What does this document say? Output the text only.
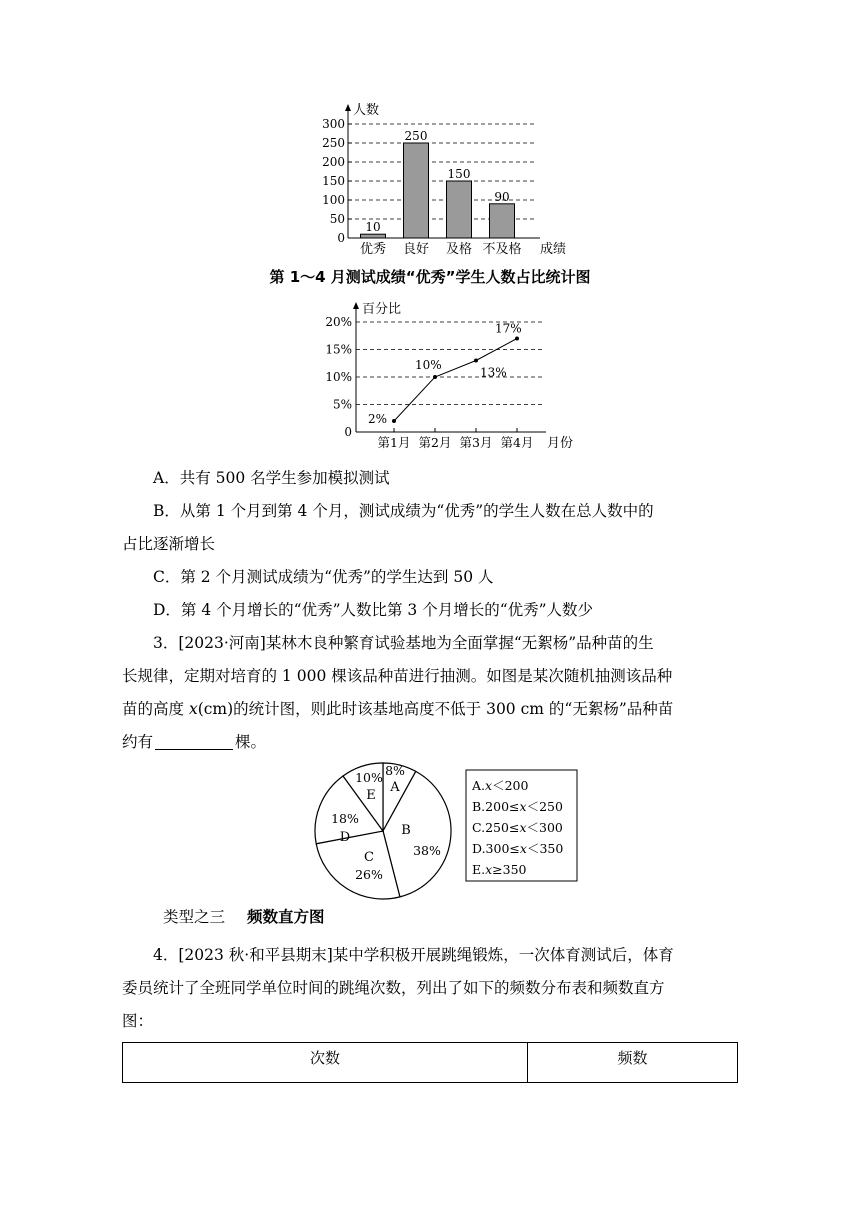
0
50
100
150
200
250
300
人数
成绩
10
优秀
250
良好
150
及格
90
不及格
第 1～4 月测试成绩“优秀”学生人数占比统计图
0
5%
10%
15%
20%
百分比
月份
2%
第1月
10%
第2月
13%
第3月
17%
第4月
A．共有 500 名学生参加模拟测试
B．从第 1 个月到第 4 个月，测试成绩为“优秀”的学生人数在总人数中的
占比逐渐增长
C．第 2 个月测试成绩为“优秀”的学生达到 50 人
D．第 4 个月增长的“优秀”人数比第 3 个月增长的“优秀”人数少
3．[2023·河南]某林木良种繁育试验基地为全面掌握“无絮杨”品种苗的生
长规律，定期对培育的 1 000 棵该品种苗进行抽测。如图是某次随机抽测该品种
苗的高度 x(cm)的统计图，则此时该基地高度不低于 300 cm 的“无絮杨”品种苗
约有	棵。
A
8%
B
38%
C
26%
D
18%
E
10%
A.x＜200
B.200≤x＜250
C.250≤x＜300
D.300≤x＜350
E.x≥350
类型之三 频数直方图
4．[2023 秋·和平县期末]某中学积极开展跳绳锻炼，一次体育测试后，体育
委员统计了全班同学单位时间的跳绳次数，列出了如下的频数分布表和频数直方
图：
次数	频数
